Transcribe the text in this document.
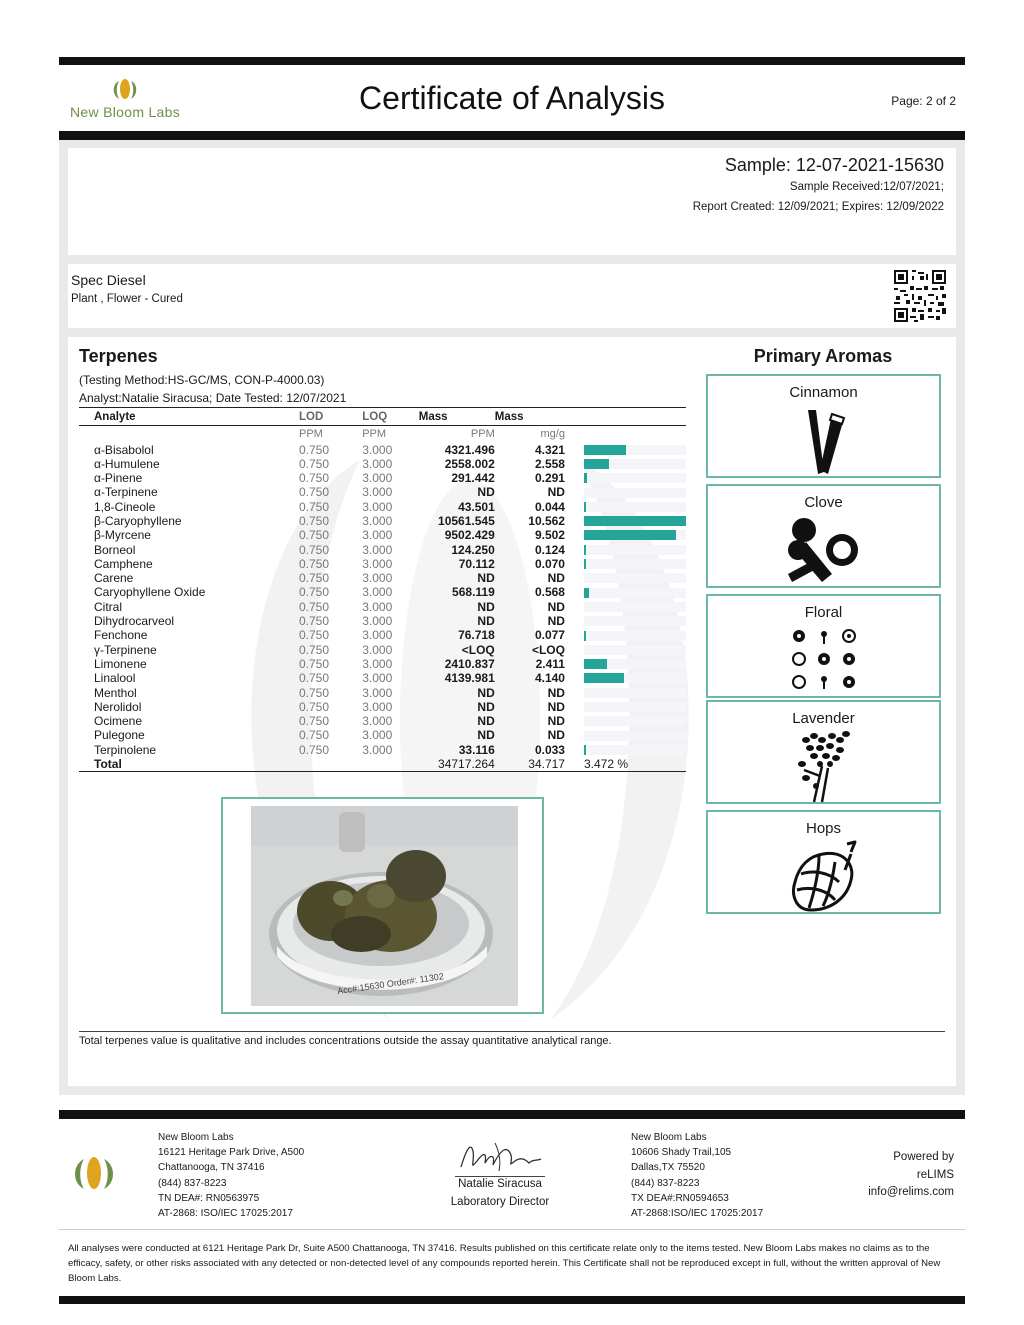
New Bloom Labs	Certificate of Analysis	Page: 2 of 2
Sample: 12-07-2021-15630
Sample Received:12/07/2021;
Report Created: 12/09/2021; Expires: 12/09/2022
Spec Diesel
Plant , Flower - Cured
Terpenes
(Testing Method:HS-GC/MS, CON-P-4000.03)
Analyst:Natalie Siracusa; Date Tested: 12/07/2021
Analyte	LOD	LOQ	Mass	Mass	
	PPM	PPM	PPM	mg/g	
α-Bisabolol	0.750	3.000	4321.496	4.321	

α-Humulene	0.750	3.000	2558.002	2.558	

α-Pinene	0.750	3.000	291.442	0.291	

α-Terpinene	0.750	3.000	ND	ND	

1,8-Cineole	0.750	3.000	43.501	0.044	

β-Caryophyllene	0.750	3.000	10561.545	10.562	

β-Myrcene	0.750	3.000	9502.429	9.502	

Borneol	0.750	3.000	124.250	0.124	

Camphene	0.750	3.000	70.112	0.070	

Carene	0.750	3.000	ND	ND	

Caryophyllene Oxide	0.750	3.000	568.119	0.568	

Citral	0.750	3.000	ND	ND	

Dihydrocarveol	0.750	3.000	ND	ND	

Fenchone	0.750	3.000	76.718	0.077	

γ-Terpinene	0.750	3.000	<LOQ	<LOQ	

Limonene	0.750	3.000	2410.837	2.411	

Linalool	0.750	3.000	4139.981	4.140	

Menthol	0.750	3.000	ND	ND	

Nerolidol	0.750	3.000	ND	ND	

Ocimene	0.750	3.000	ND	ND	

Pulegone	0.750	3.000	ND	ND	

Terpinolene	0.750	3.000	33.116	0.033	

Total			34717.264	34.717	3.472 %
Primary Aromas
Cinnamon
Clove
Floral
Lavender
Hops
Acc#:15630 Order#: 11302
Total terpenes value is qualitative and includes concentrations outside the assay quantitative analytical range.
New Bloom Labs
16121 Heritage Park Drive, A500
Chattanooga, TN 37416
(844) 837-8223
TN DEA#: RN0563975
AT-2868: ISO/IEC 17025:2017
Natalie Siracusa
Laboratory Director
New Bloom Labs
10606 Shady Trail,105
Dallas,TX 75520
(844) 837-8223
TX DEA#:RN0594653
AT-2868:ISO/IEC 17025:2017
Powered by
reLIMS
info@relims.com
All analyses were conducted at 6121 Heritage Park Dr, Suite A500 Chattanooga, TN 37416. Results published on this certificate relate only to the items tested. New Bloom Labs makes no claims as to the efficacy, safety, or other risks associated with any detected or non-detected level of any compounds reported herein. This Certificate shall not be reproduced except in full, without the written approval of New Bloom Labs.
